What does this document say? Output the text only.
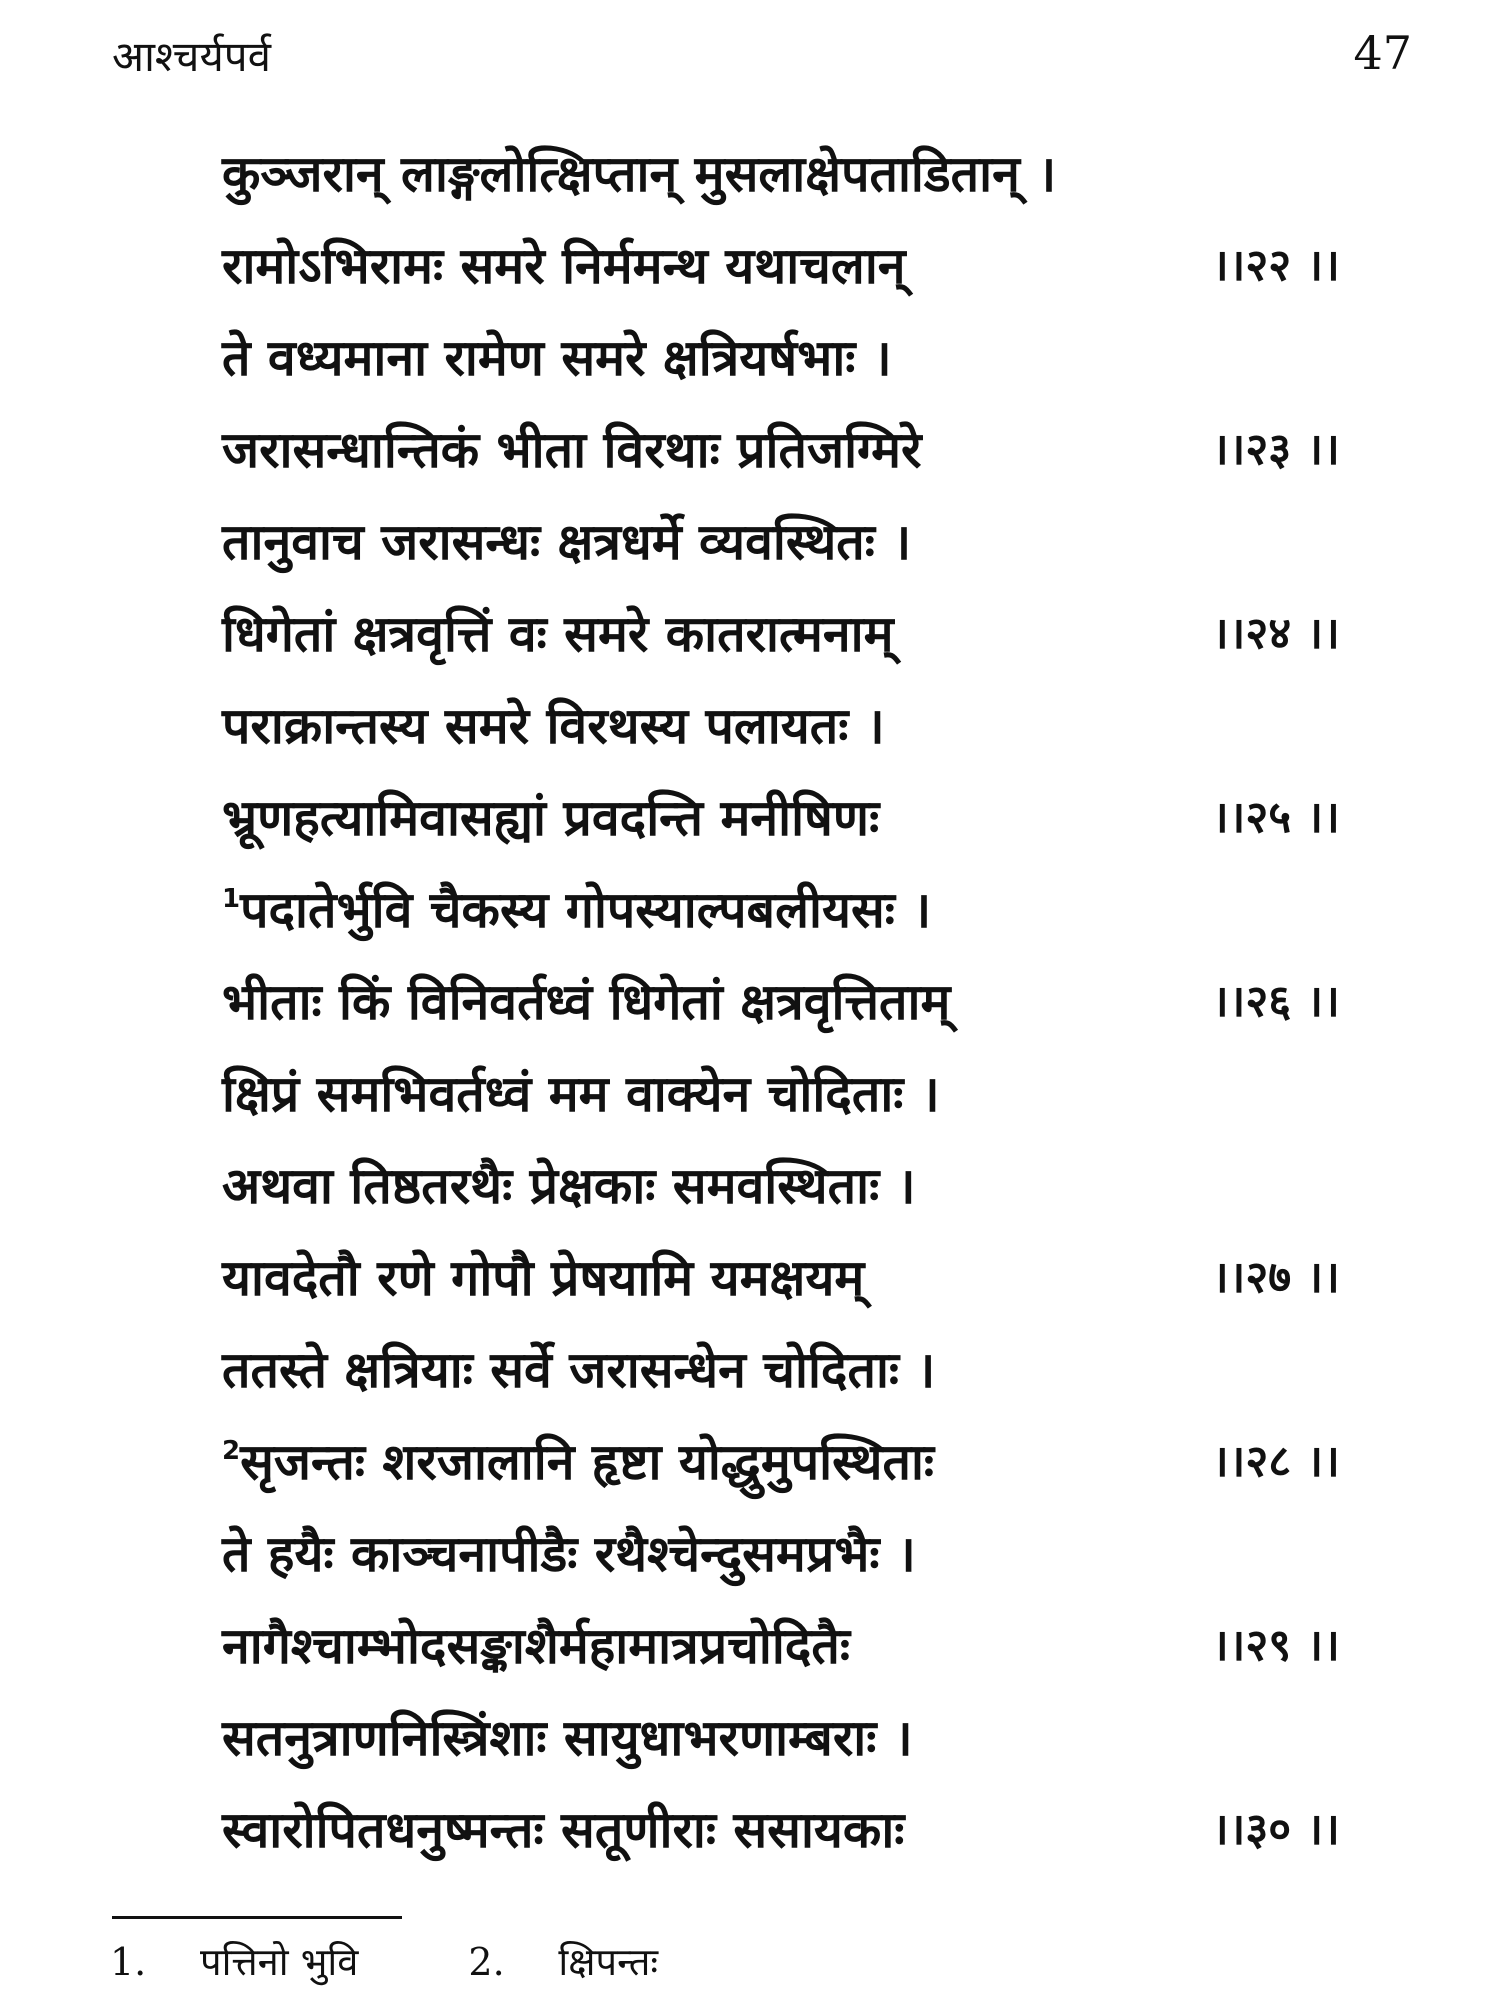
आश्चर्यपर्व	47
कुञ्जरान् लाङ्गलोत्क्षिप्तान् मुसलाक्षेपताडितान् ।
रामोऽभिरामः समरे निर्ममन्थ यथाचलान्	।।२२ ।।
ते वध्यमाना रामेण समरे क्षत्रियर्षभाः ।
जरासन्धान्तिकं भीता विरथाः प्रतिजग्मिरे	।।२३ ।।
तानुवाच जरासन्धः क्षत्रधर्मे व्यवस्थितः ।
धिगेतां क्षत्रवृत्तिं वः समरे कातरात्मनाम्	।।२४ ।।
पराक्रान्तस्य समरे विरथस्य पलायतः ।
भ्रूणहत्यामिवासह्यां प्रवदन्ति मनीषिणः	।।२५ ।।
$^1$पदातेर्भुवि चैकस्य गोपस्याल्पबलीयसः ।
भीताः किं विनिवर्तध्वं धिगेतां क्षत्रवृत्तिताम्	।।२६ ।।
क्षिप्रं समभिवर्तध्वं मम वाक्येन चोदिताः ।
अथवा तिष्ठतरथैः प्रेक्षकाः समवस्थिताः ।
यावदेतौ रणे गोपौ प्रेषयामि यमक्षयम्	।।२७ ।।
ततस्ते क्षत्रियाः सर्वे जरासन्धेन चोदिताः ।
$^2$सृजन्तः शरजालानि हृष्टा योद्धुमुपस्थिताः	।।२८ ।।
ते हयैः काञ्चनापीडैः रथैश्चेन्दुसमप्रभैः ।
नागैश्चाम्भोदसङ्काशैर्महामात्रप्रचोदितैः	।।२९ ।।
सतनुत्राणनिस्त्रिंशाः सायुधाभरणाम्बराः ।
स्वारोपितधनुष्मन्तः सतूणीराः ससायकाः	।।३० ।।
1. पत्तिनो भुवि	2. क्षिपन्तः
